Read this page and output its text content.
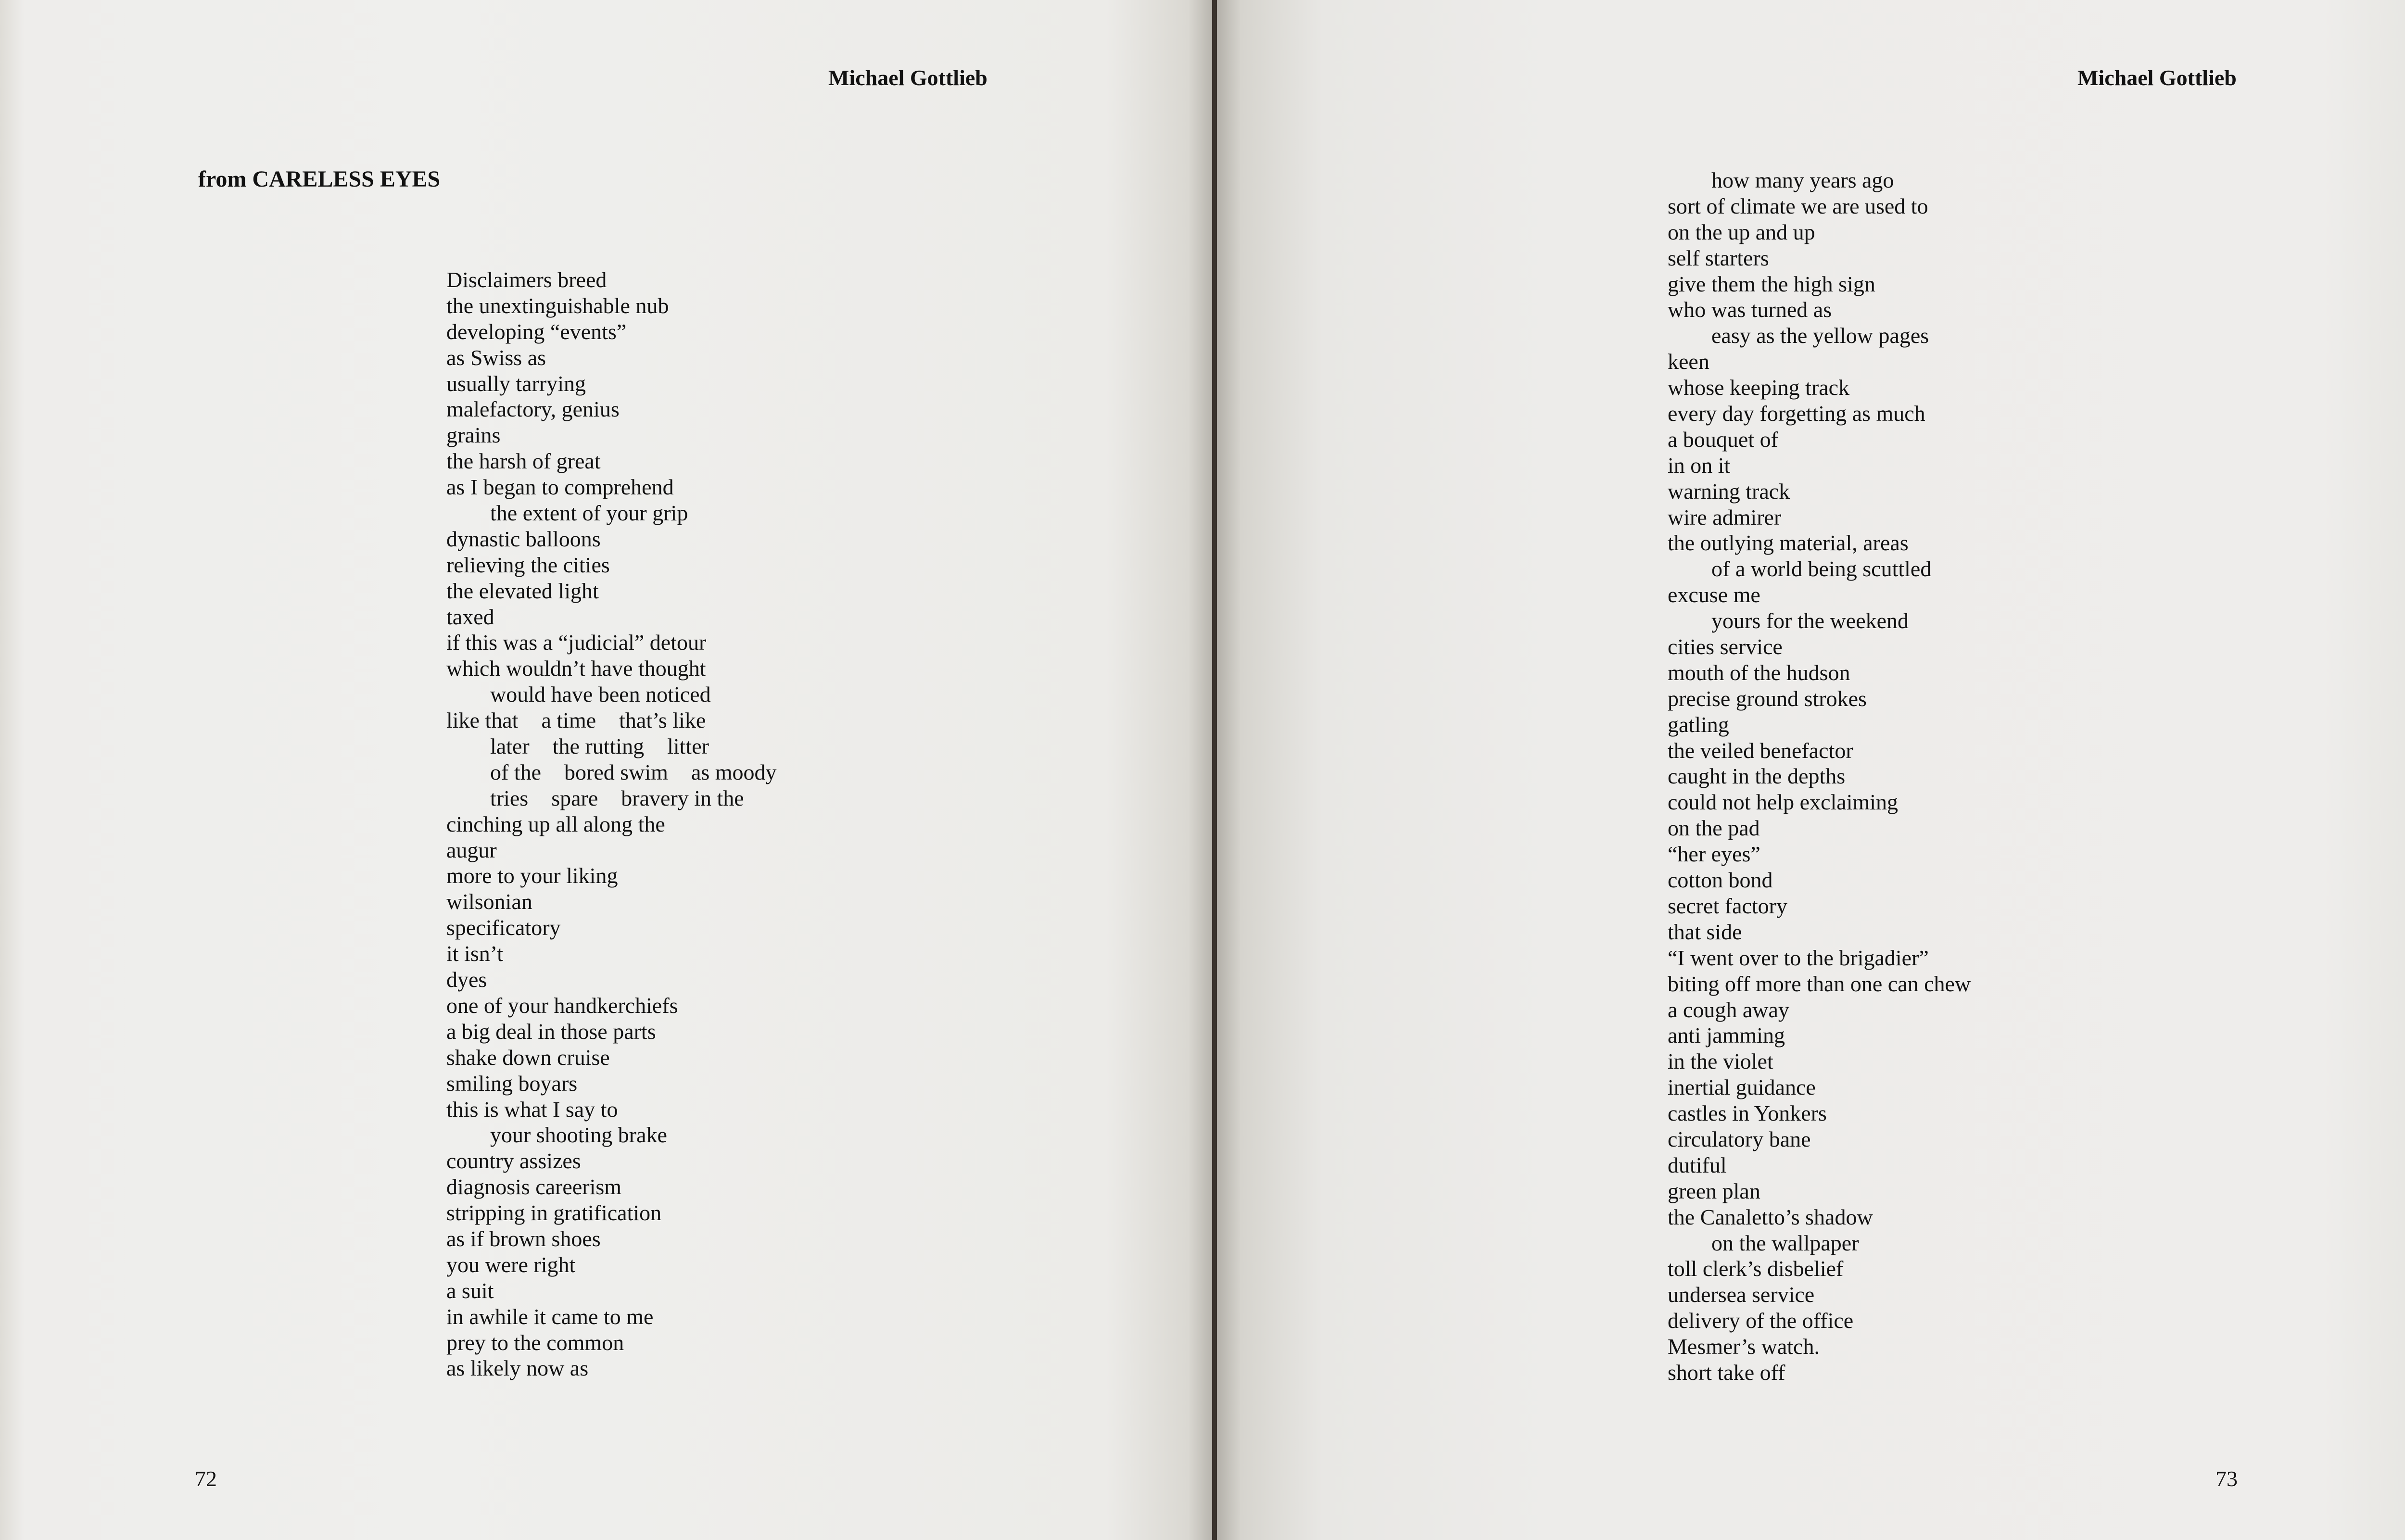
Michael Gottlieb
from CARELESS EYES
Disclaimers breed
the unextinguishable nub
developing “events”
as Swiss as
usually tarrying
malefactory, genius
grains
the harsh of great
as I began to comprehend
the extent of your grip
dynastic balloons
relieving the cities
the elevated light
taxed
if this was a “judicial” detour
which wouldn’t have thought
would have been noticed
like that a time that’s like
later the rutting litter
of the bored swim as moody
tries spare bravery in the
cinching up all along the
augur
more to your liking
wilsonian
specificatory
it isn’t
dyes
one of your handkerchiefs
a big deal in those parts
shake down cruise
smiling boyars
this is what I say to
your shooting brake
country assizes
diagnosis careerism
stripping in gratification
as if brown shoes
you were right
a suit
in awhile it came to me
prey to the common
as likely now as
72
Michael Gottlieb
how many years ago
sort of climate we are used to
on the up and up
self starters
give them the high sign
who was turned as
easy as the yellow pages
keen
whose keeping track
every day forgetting as much
a bouquet of
in on it
warning track
wire admirer
the outlying material, areas
of a world being scuttled
excuse me
yours for the weekend
cities service
mouth of the hudson
precise ground strokes
gatling
the veiled benefactor
caught in the depths
could not help exclaiming
on the pad
“her eyes”
cotton bond
secret factory
that side
“I went over to the brigadier”
biting off more than one can chew
a cough away
anti jamming
in the violet
inertial guidance
castles in Yonkers
circulatory bane
dutiful
green plan
the Canaletto’s shadow
on the wallpaper
toll clerk’s disbelief
undersea service
delivery of the office
Mesmer’s watch.
short take off
73
